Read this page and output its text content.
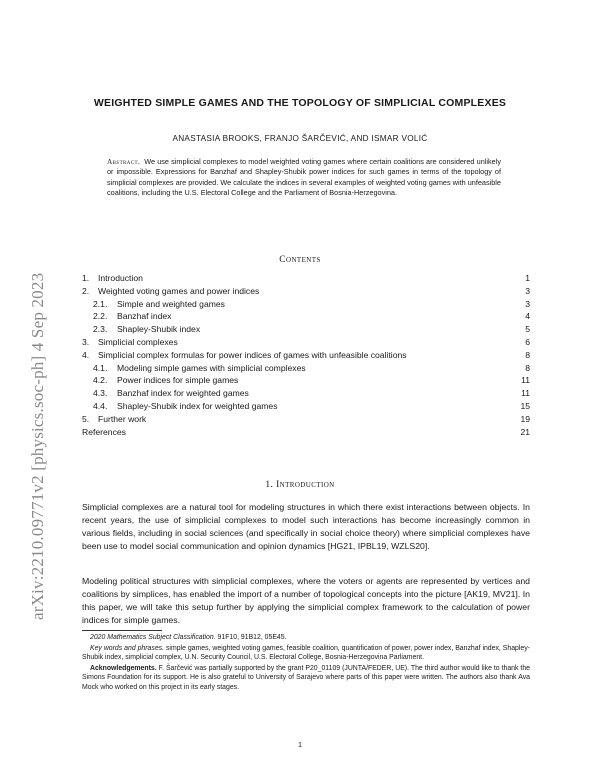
arXiv:2210.09771v2 [physics.soc-ph] 4 Sep 2023
WEIGHTED SIMPLE GAMES AND THE TOPOLOGY OF SIMPLICIAL COMPLEXES
ANASTASIA BROOKS, FRANJO ŠARČEVIĆ, AND ISMAR VOLIĆ
Abstract. We use simplicial complexes to model weighted voting games where certain coalitions are considered unlikely or impossible. Expressions for Banzhaf and Shapley-Shubik power indices for such games in terms of the topology of simplicial complexes are provided. We calculate the indices in several examples of weighted voting games with unfeasible coalitions, including the U.S. Electoral College and the Parliament of Bosnia-Herzegovina.
Contents
1. Introduction	1
2. Weighted voting games and power indices	3
2.1. Simple and weighted games	3
2.2. Banzhaf index	4
2.3. Shapley-Shubik index	5
3. Simplicial complexes	6
4. Simplicial complex formulas for power indices of games with unfeasible coalitions	8
4.1. Modeling simple games with simplicial complexes	8
4.2. Power indices for simple games	11
4.3. Banzhaf index for weighted games	11
4.4. Shapley-Shubik index for weighted games	15
5. Further work	19
References	21
1. Introduction

Simplicial complexes are a natural tool for modeling structures in which there exist interactions between objects. In recent years, the use of simplicial complexes to model such interactions has become increasingly common in various fields, including in social sciences (and specifically in social choice theory) where simplicial complexes have been use to model social communication and opinion dynamics [HG21, IPBL19, WZLS20].

Modeling political structures with simplicial complexes, where the voters or agents are represented by vertices and coalitions by simplices, has enabled the import of a number of topological concepts into the picture [AK19, MV21]. In this paper, we will take this setup further by applying the simplicial complex framework to the calculation of power indices for simple games.

2020 Mathematics Subject Classification. 91F10, 91B12, 05E45.

Key words and phrases. simple games, weighted voting games, feasible coalition, quantification of power, power index, Banzhaf index, Shapley-Shubik index, simplicial complex, U.N. Security Council, U.S. Electoral College, Bosnia-Herzegovina Parliament.

Acknowledgements. F. Šarčević was partially supported by the grant P20_01109 (JUNTA/FEDER, UE). The third author would like to thank the Simons Foundation for its support. He is also grateful to University of Sarajevo where parts of this paper were written. The authors also thank Ava Mock who worked on this project in its early stages.

1
